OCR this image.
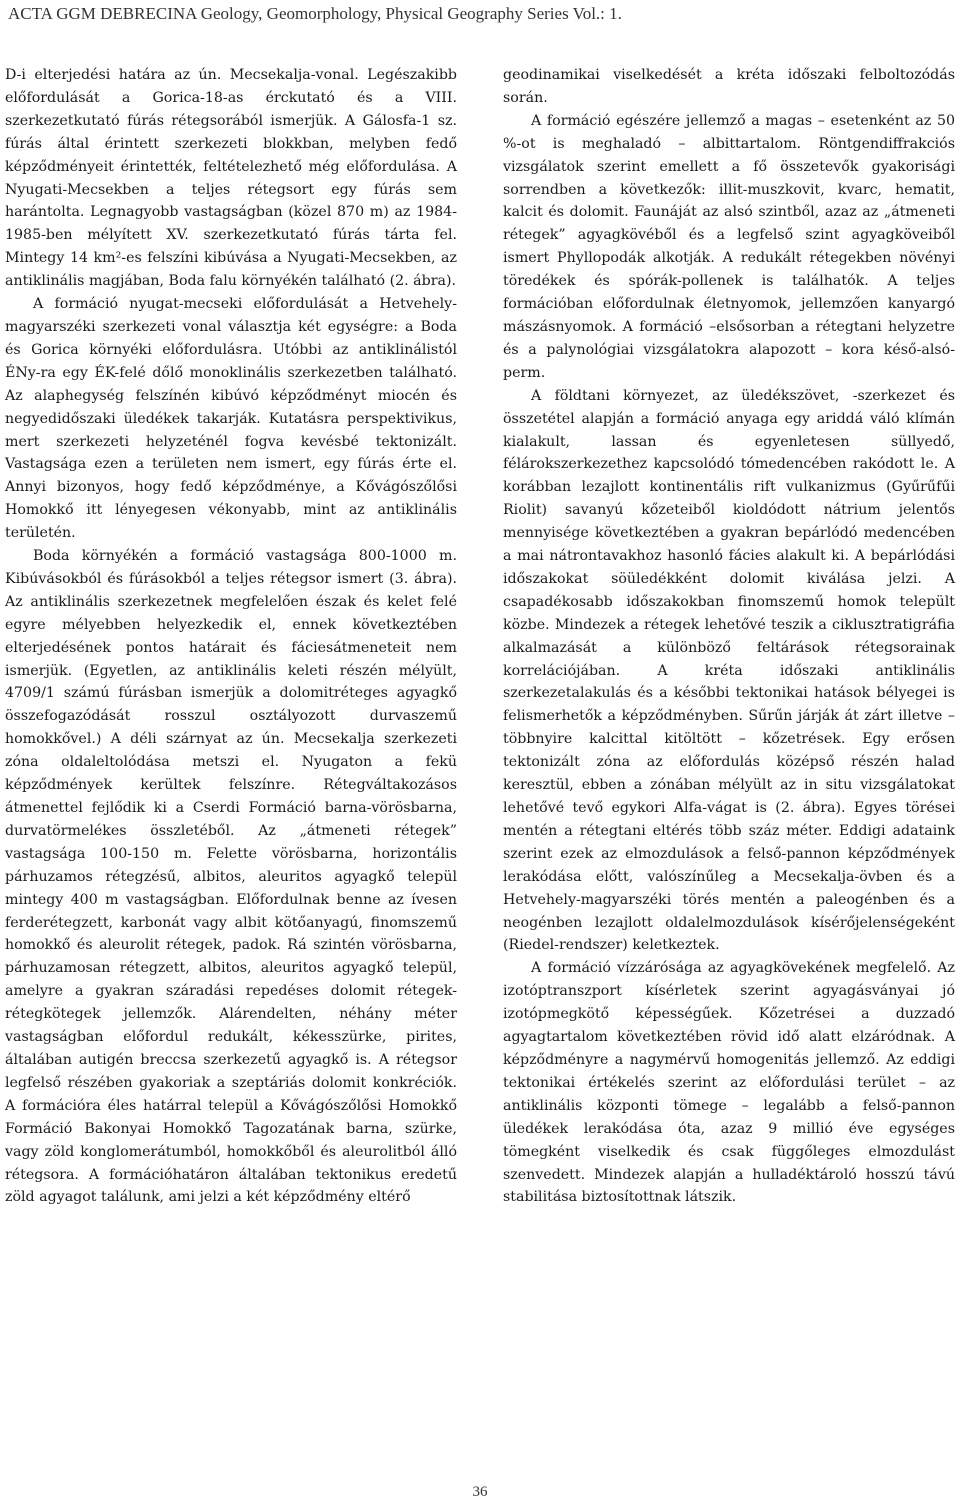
ACTA GGM DEBRECINA Geology, Geomorphology, Physical Geography Series Vol.: 1.

D-i elterjedési határa az ún. Mecsekalja-vonal. Legészakibb előfordulását a Gorica-18-as érckutató és a VIII. szerkezetkutató fúrás rétegsorából ismerjük. A Gálosfa-1 sz. fúrás által érintett szerkezeti blokkban, melyben fedő képződményeit érintették, feltételezhető még előfordulása. A Nyugati-Mecsekben a teljes rétegsort egy fúrás sem harántolta. Legnagyobb vastagságban (közel 870 m) az 1984-1985-ben mélyített XV. szerkezetkutató fúrás tárta fel. Mintegy 14 km²-es felszíni kibúvása a Nyugati-Mecsekben, az antiklinális magjában, Boda falu környékén található (2. ábra).

A formáció nyugat-mecseki előfordulását a Hetvehely-magyarszéki szerkezeti vonal választja két egységre: a Boda és Gorica környéki előfordulásra. Utóbbi az antiklinálistól ÉNy-ra egy ÉK-felé dőlő monoklinális szerkezetben található. Az alaphegység felszínén kibúvó képződményt miocén és negyedidőszaki üledékek takarják. Kutatásra perspektivikus, mert szerkezeti helyzeténél fogva kevésbé tektonizált. Vastagsága ezen a területen nem ismert, egy fúrás érte el. Annyi bizonyos, hogy fedő képződménye, a Kővágószőlősi Homokkő itt lényegesen vékonyabb, mint az antiklinális területén.

Boda környékén a formáció vastagsága 800-1000 m. Kibúvásokból és fúrásokból a teljes rétegsor ismert (3. ábra). Az antiklinális szerkezetnek megfelelően észak és kelet felé egyre mélyebben helyezkedik el, ennek következtében elterjedésének pontos határait és fáciesátmeneteit nem ismerjük. (Egyetlen, az antiklinális keleti részén mélyült, 4709/1 számú fúrásban ismerjük a dolomitréteges agyagkő összefogazódását rosszul osztályozott durvaszemű homokkővel.) A déli szárnyat az ún. Mecsekalja szerkezeti zóna oldaleltolódása metszi el. Nyugaton a fekü képződmények kerültek felszínre. Rétegváltakozásos átmenettel fejlődik ki a Cserdi Formáció barna-vörösbarna, durvatörmelékes összletéből. Az „átmeneti rétegek” vastagsága 100-150 m. Felette vörösbarna, horizontális párhuzamos rétegzésű, albitos, aleuritos agyagkő települ mintegy 400 m vastagságban. Előfordulnak benne az ívesen ferderétegzett, karbonát vagy albit kötőanyagú, finomszemű homokkő és aleurolit rétegek, padok. Rá szintén vörösbarna, párhuzamosan rétegzett, albitos, aleuritos agyagkő települ, amelyre a gyakran száradási repedéses dolomit rétegek-rétegkötegek jellemzők. Alárendelten, néhány méter vastagságban előfordul redukált, kékesszürke, pirites, általában autigén breccsa szerkezetű agyagkő is. A rétegsor legfelső részében gyakoriak a szeptáriás dolomit konkréciók. A formációra éles határral települ a Kővágószőlősi Homokkő Formáció Bakonyai Homokkő Tagozatának barna, szürke, vagy zöld konglomerátumból, homokkőből és aleurolitból álló rétegsora. A formációhatáron általában tektonikus eredetű zöld agyagot találunk, ami jelzi a két képződmény eltérő

geodinamikai viselkedését a kréta időszaki felboltozódás során.

A formáció egészére jellemző a magas – esetenként az 50 %-ot is meghaladó – albittartalom. Röntgendiffrakciós vizsgálatok szerint emellett a fő összetevők gyakorisági sorrendben a következők: illit-muszkovit, kvarc, hematit, kalcit és dolomit. Faunáját az alsó szintből, azaz az „átmeneti rétegek” agyagkövéből és a legfelső szint agyagköveiből ismert Phyllopodák alkotják. A redukált rétegekben növényi töredékek és spórák-pollenek is találhatók. A teljes formációban előfordulnak életnyomok, jellemzően kanyargó mászásnyomok. A formáció –elsősorban a rétegtani helyzetre és a palynológiai vizsgálatokra alapozott – kora késő-alsó-perm.

A földtani környezet, az üledékszövet, -szerkezet és összetétel alapján a formáció anyaga egy ariddá váló klímán kialakult, lassan és egyenletesen süllyedő, félárokszerkezethez kapcsolódó tómedencében rakódott le. A korábban lezajlott kontinentális rift vulkanizmus (Gyűrűfűi Riolit) savanyú kőzeteiből kioldódott nátrium jelentős mennyisége következtében a gyakran bepárlódó medencében a mai nátrontavakhoz hasonló fácies alakult ki. A bepárlódási időszakokat söüledékként dolomit kiválása jelzi. A csapadékosabb időszakokban finomszemű homok települt közbe. Mindezek a rétegek lehetővé teszik a ciklusztratigráfia alkalmazását a különböző feltárások rétegsorainak korrelációjában. A kréta időszaki antiklinális szerkezetalakulás és a későbbi tektonikai hatások bélyegei is felismerhetők a képződményben. Sűrűn járják át zárt illetve – többnyire kalcittal kitöltött – kőzetrések. Egy erősen tektonizált zóna az előfordulás középső részén halad keresztül, ebben a zónában mélyült az in situ vizsgálatokat lehetővé tevő egykori Alfa-vágat is (2. ábra). Egyes törései mentén a rétegtani eltérés több száz méter. Eddigi adataink szerint ezek az elmozdulások a felső-pannon képződmények lerakódása előtt, valószínűleg a Mecsekalja-övben és a Hetvehely-magyarszéki törés mentén a paleogénben és a neogénben lezajlott oldalelmozdulások kísérőjelenségeként (Riedel-rendszer) keletkeztek.

A formáció vízzárósága az agyagkövekének megfelelő. Az izotóptranszport kísérletek szerint agyagásványai jó izotópmegkötő képességűek. Kőzetrései a duzzadó agyagtartalom következtében rövid idő alatt elzáródnak. A képződményre a nagymérvű homogenitás jellemző. Az eddigi tektonikai értékelés szerint az előfordulási terület – az antiklinális központi tömege – legalább a felső-pannon üledékek lerakódása óta, azaz 9 millió éve egységes tömegként viselkedik és csak függőleges elmozdulást szenvedett. Mindezek alapján a hulladéktároló hosszú távú stabilitása biztosítottnak látszik.

36
